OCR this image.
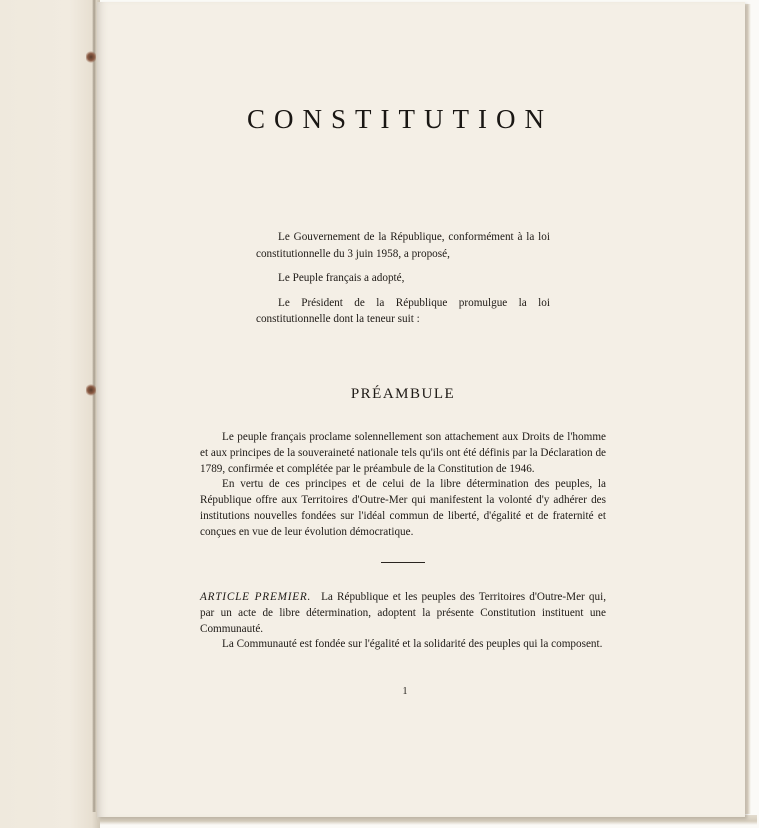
CONSTITUTION

Le Gouvernement de la République, conformément à la loi constitutionnelle du 3 juin 1958, a proposé,

Le Peuple français a adopté,

Le Président de la République promulgue la loi constitutionnelle dont la teneur suit :

PRÉAMBULE

Le peuple français proclame solennellement son attachement aux Droits de l'homme et aux principes de la souveraineté nationale tels qu'ils ont été définis par la Déclaration de 1789, confirmée et complétée par le préambule de la Constitution de 1946.

En vertu de ces principes et de celui de la libre détermination des peuples, la République offre aux Territoires d'Outre-Mer qui manifestent la volonté d'y adhérer des institutions nouvelles fondées sur l'idéal commun de liberté, d'égalité et de fraternité et conçues en vue de leur évolution démocratique.

ARTICLE PREMIER. La République et les peuples des Territoires d'Outre-Mer qui, par un acte de libre détermination, adoptent la présente Constitution instituent une Communauté.

La Communauté est fondée sur l'égalité et la solidarité des peuples qui la composent.

1
